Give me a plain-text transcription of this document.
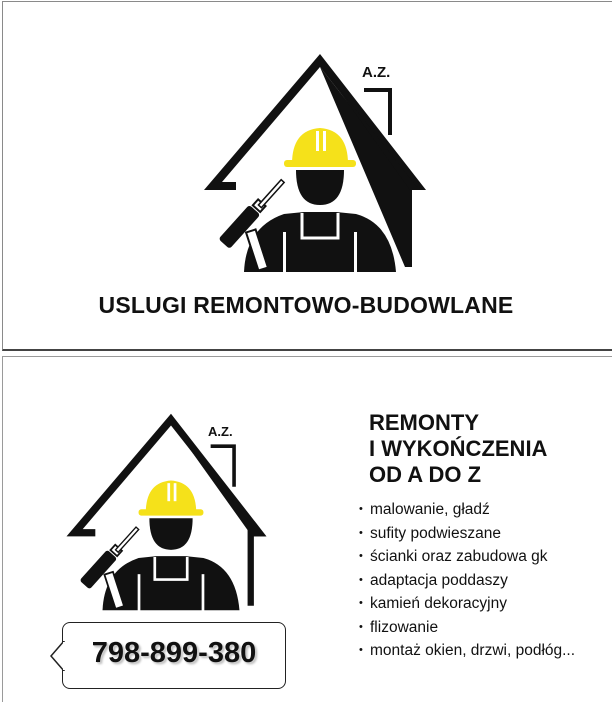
A.Z.
USLUGI REMONTOWO-BUDOWLANE
A.Z.	REMONTY
I WYKOŃCZENIA
OD A DO Z
• malowanie, gładź
• sufity podwieszane
• ścianki oraz zabudowa gk
• adaptacja poddaszy
• kamień dekoracyjny
• flizowanie
• montaż okien, drzwi, podłóg...
798-899-380
